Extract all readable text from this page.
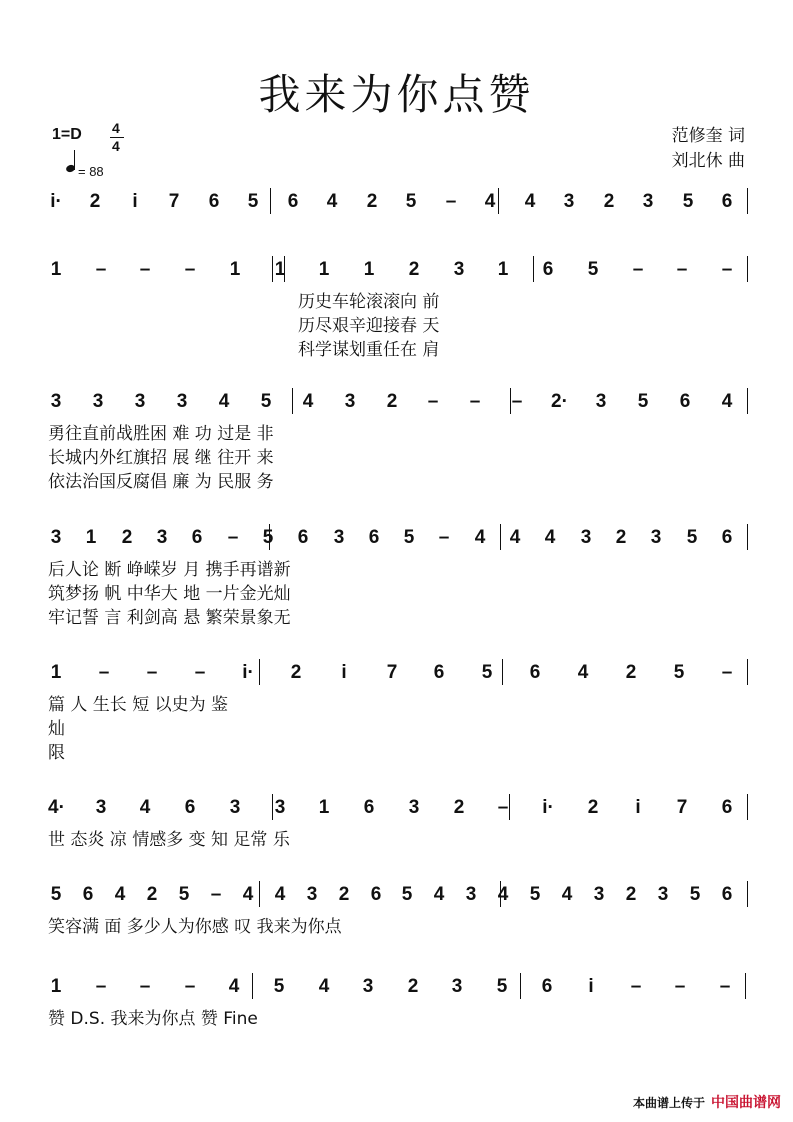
我来为你点赞
1=D 4
4
= 88
范修奎 词
刘北休 曲
i· 2 i 7 6 5 6 4 2 5 – 4 4 3 2 3 5 6
1 – – – 1 1 1 1 2 3 1 6 5 – – –
历史车轮滚滚向 前
历尽艰辛迎接春 天
科学谋划重任在 肩
3 3 3 3 4 5 4 3 2 – – – 2· 3 5 6 4
勇往直前战胜困 难 功 过是 非
长城内外红旗招 展 继 往开 来
依法治国反腐倡 廉 为 民服 务
3 1 2 3 6 – 5 6 3 6 5 – 4 4 4 3 2 3 5 6
后人论 断 峥嵘岁 月 携手再谱新
筑梦扬 帆 中华大 地 一片金光灿
牢记誓 言 利剑高 悬 繁荣景象无
1 – – – i· 2 i 7 6 5 6 4 2 5 –
篇 人 生长 短 以史为 鉴
灿
限
4· 3 4 6 3 3 1 6 3 2 – i· 2 i 7 6
世 态炎 凉 情感多 变 知 足常 乐
5 6 4 2 5 – 4 4 3 2 6 5 4 3 4 5 4 3 2 3 5 6
笑容满 面 多少人为你感 叹 我来为你点
1 – – – 4 5 4 3 2 3 5 6 i – – –
赞 D.S. 我来为你点 赞 Fine
本曲谱上传于 中国曲谱网
